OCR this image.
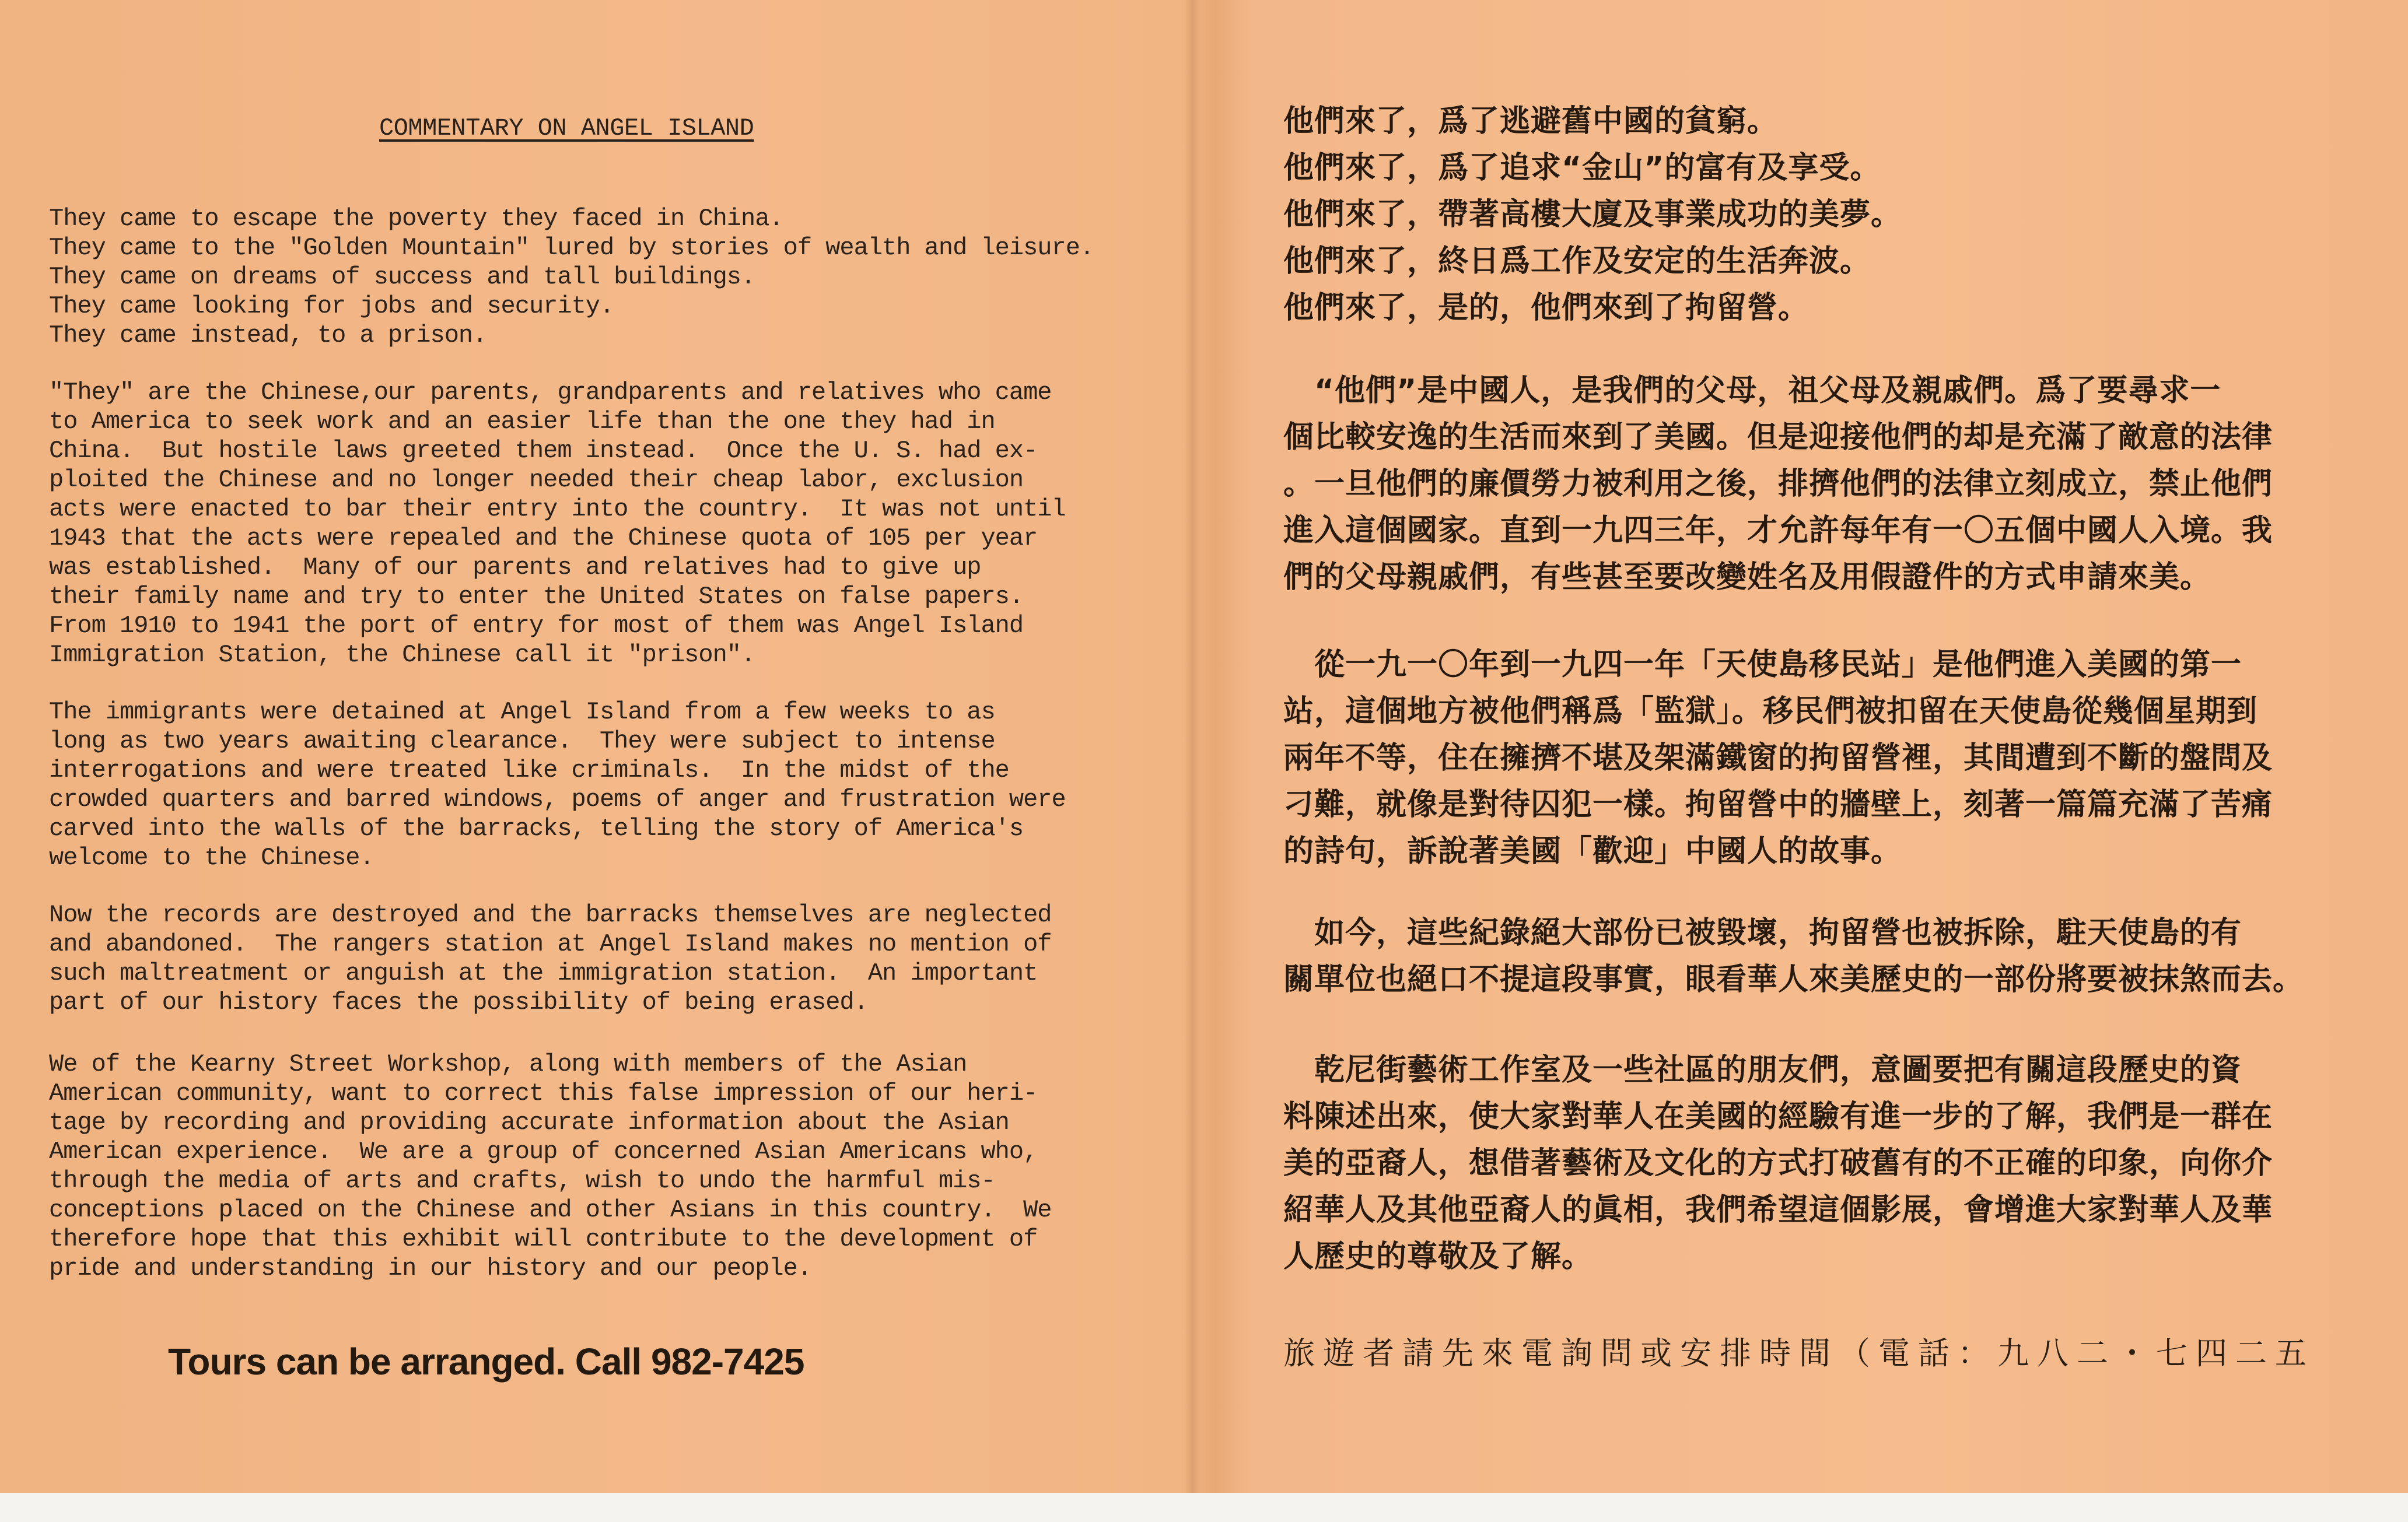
COMMENTARY ON ANGEL ISLAND
They came to escape the poverty they faced in China.
They came to the "Golden Mountain" lured by stories of wealth and leisure.
They came on dreams of success and tall buildings.
They came looking for jobs and security.
They came instead, to a prison.
"They" are the Chinese,our parents, grandparents and relatives who came
to America to seek work and an easier life than the one they had in
China.  But hostile laws greeted them instead.  Once the U. S. had ex-
ploited the Chinese and no longer needed their cheap labor, exclusion
acts were enacted to bar their entry into the country.  It was not until
1943 that the acts were repealed and the Chinese quota of 105 per year
was established.  Many of our parents and relatives had to give up
their family name and try to enter the United States on false papers.
From 1910 to 1941 the port of entry for most of them was Angel Island
Immigration Station, the Chinese call it "prison".
The immigrants were detained at Angel Island from a few weeks to as
long as two years awaiting clearance.  They were subject to intense
interrogations and were treated like criminals.  In the midst of the
crowded quarters and barred windows, poems of anger and frustration were
carved into the walls of the barracks, telling the story of America's
welcome to the Chinese.
Now the records are destroyed and the barracks themselves are neglected
and abandoned.  The rangers station at Angel Island makes no mention of
such maltreatment or anguish at the immigration station.  An important
part of our history faces the possibility of being erased.
We of the Kearny Street Workshop, along with members of the Asian
American community, want to correct this false impression of our heri-
tage by recording and providing accurate information about the Asian
American experience.  We are a group of concerned Asian Americans who,
through the media of arts and crafts, wish to undo the harmful mis-
conceptions placed on the Chinese and other Asians in this country.  We
therefore hope that this exhibit will contribute to the development of
pride and understanding in our history and our people.
Tours can be arranged. Call 982-7425
他們來了，爲了逃避舊中國的貧窮。
他們來了，爲了追求“金山”的富有及享受。
他們來了，帶著高樓大廈及事業成功的美夢。
他們來了，終日爲工作及安定的生活奔波。
他們來了，是的，他們來到了拘留營。
　“他們”是中國人，是我們的父母，祖父母及親戚們。爲了要尋求一
個比較安逸的生活而來到了美國。但是迎接他們的却是充滿了敵意的法律
。一旦他們的廉價勞力被利用之後，排擠他們的法律立刻成立，禁止他們
進入這個國家。直到一九四三年，才允許每年有一〇五個中國人入境。我
們的父母親戚們，有些甚至要改變姓名及用假證件的方式申請來美。
　從一九一〇年到一九四一年「天使島移民站」是他們進入美國的第一
站，這個地方被他們稱爲「監獄」。移民們被扣留在天使島從幾個星期到
兩年不等，住在擁擠不堪及架滿鐵窗的拘留營裡，其間遭到不斷的盤問及
刁難，就像是對待囚犯一樣。拘留營中的牆壁上，刻著一篇篇充滿了苦痛
的詩句，訴說著美國「歡迎」中國人的故事。
　如今，這些紀錄絕大部份已被毀壞，拘留營也被拆除，駐天使島的有
關單位也絕口不提這段事實，眼看華人來美歷史的一部份將要被抹煞而去。
　乾尼街藝術工作室及一些社區的朋友們，意圖要把有關這段歷史的資
料陳述出來，使大家對華人在美國的經驗有進一步的了解，我們是一群在
美的亞裔人，想借著藝術及文化的方式打破舊有的不正確的印象，向你介
紹華人及其他亞裔人的眞相，我們希望這個影展，會增進大家對華人及華
人歷史的尊敬及了解。
旅遊者請先來電詢問或安排時間（電話：九八二・七四二五
